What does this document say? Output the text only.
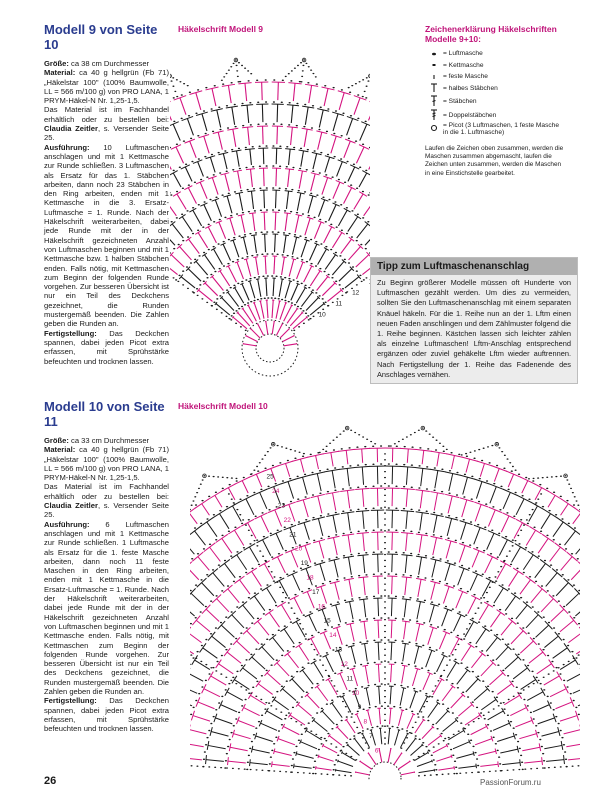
Modell 9 von Seite 10

Größe: ca 38 cm Durchmesser

Material: ca 40 g hellgrün (Fb 71) „Häkelstar 100" (100% Baumwolle, LL = 566 m/100 g) von PRO LANA, 1 PRYM-Häkel-N Nr. 1,25-1,5.

Das Material ist im Fachhandel erhältlich oder zu bestellen bei: Claudia Zeitler, s. Versender Seite 25.

Ausführung: 10 Luftmaschen anschlagen und mit 1 Kettmasche zur Runde schließen. 3 Luftmaschen als Ersatz für das 1. Stäbchen arbeiten, dann noch 23 Stäbchen in den Ring arbeiten, enden mit 1 Kettmasche in die 3. Ersatz-Luftmasche = 1. Runde. Nach der Häkelschrift weiterarbeiten, dabei jede Runde mit der in der Häkelschrift gezeichneten Anzahl von Luftmaschen beginnen und mit 1 Kettmasche bzw. 1 halben Stäbchen enden. Falls nötig, mit Kettmaschen zum Beginn der folgenden Runde vorgehen. Zur besseren Übersicht ist nur ein Teil des Deckchens gezeichnet, die Runden mustergemäß beenden. Die Zahlen geben die Runden an.

Fertigstellung: Das Deckchen spannen, dabei jeden Picot extra erfassen, mit Sprühstärke befeuchten und trocknen lassen.

Modell 10 von Seite 11

Größe: ca 33 cm Durchmesser

Material: ca 40 g hellgrün (Fb 71) „Häkelstar 100" (100% Baumwolle, LL = 566 m/100 g) von PRO LANA, 1 PRYM-Häkel-N Nr. 1,25-1,5.

Das Material ist im Fachhandel erhältlich oder zu bestellen bei: Claudia Zeitler, s. Versender Seite 25.

Ausführung: 6 Luftmaschen anschlagen und mit 1 Kettmasche zur Runde schließen. 1 Luftmasche als Ersatz für die 1. feste Masche arbeiten, dann noch 11 feste Maschen in den Ring arbeiten, enden mit 1 Kettmasche in die Ersatz-Luftmasche = 1. Runde. Nach der Häkelschrift weiterarbeiten, dabei jede Runde mit der in der Häkelschrift gezeichneten Anzahl von Luftmaschen beginnen und mit 1 Kettmasche enden. Falls nötig, mit Kettmaschen zum Beginn der folgenden Runde vorgehen. Zur besseren Übersicht ist nur ein Teil des Deckchens gezeichnet, die Runden mustergemäß beenden. Die Zahlen geben die Runden an.

Fertigstellung: Das Deckchen spannen, dabei jeden Picot extra erfassen, mit Sprühstärke befeuchten und trocknen lassen.

Häkelschrift Modell 9
Häkelschrift Modell 10
12
11
10
25
24
23
22
21
20
19
18
17
16
15
14
13
12
11
10
9
8
7
6
Zeichenerklärung Häkelschriften Modelle 9+10:
= Luftmasche
= Kettmasche
= feste Masche
= halbes Stäbchen
= Stäbchen
= Doppelstäbchen
= Picot (3 Luftmaschen, 1 feste Masche in die 1. Luftmasche)
Laufen die Zeichen oben zusammen, werden die Maschen zusammen abgemascht, laufen die Zeichen unten zusammen, werden die Maschen in eine Einstichstelle gearbeitet.
Tipp zum Luftmaschenanschlag
Zu Beginn größerer Modelle müssen oft Hunderte von Luftmaschen gezählt werden. Um dies zu vermeiden, sollten Sie den Luftmaschenanschlag mit einem separaten Knäuel häkeln. Für die 1. Reihe nun an der 1. Lftm einen neuen Faden anschlingen und dem Zählmuster folgend die 1. Reihe beginnen. Kästchen lassen sich leichter zählen als einzelne Luftmaschen! Lftm-Anschlag entsprechend ergänzen oder zuviel gehäkelte Lftm wieder auftrennen. Nach Fertigstellung der 1. Reihe das Fadenende des Anschlages vernähen.
26	PassionForum.ru
